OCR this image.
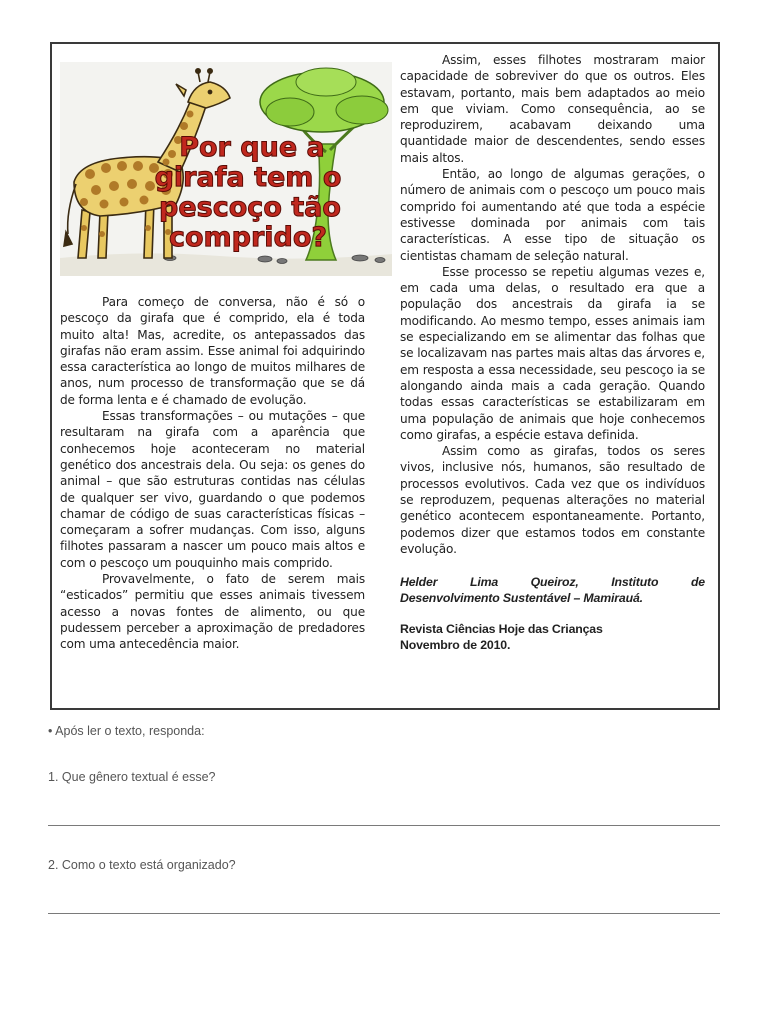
Por que a
girafa tem o
pescoço tão
comprido?

Para começo de conversa, não é só o pescoço da girafa que é comprido, ela é toda muito alta! Mas, acredite, os antepassados das girafas não eram assim. Esse animal foi adquirindo essa característica ao longo de muitos milhares de anos, num processo de transformação que se dá de forma lenta e é chamado de evolução.

Essas transformações – ou mutações – que resultaram na girafa com a aparência que conhecemos hoje aconteceram no material genético dos ancestrais dela. Ou seja: os genes do animal – que são estruturas contidas nas células de qualquer ser vivo, guardando o que podemos chamar de código de suas características físicas – começaram a sofrer mudanças. Com isso, alguns filhotes passaram a nascer um pouco mais altos e com o pescoço um pouquinho mais comprido.

Provavelmente, o fato de serem mais “esticados” permitiu que esses animais tivessem acesso a novas fontes de alimento, ou que pudessem perceber a aproximação de predadores com uma antecedência maior.

Assim, esses filhotes mostraram maior capacidade de sobreviver do que os outros. Eles estavam, portanto, mais bem adaptados ao meio em que viviam. Como consequência, ao se reproduzirem, acabavam deixando uma quantidade maior de descendentes, sendo esses mais altos.

Então, ao longo de algumas gerações, o número de animais com o pescoço um pouco mais comprido foi aumentando até que toda a espécie estivesse dominada por animais com tais características. A esse tipo de situação os cientistas chamam de seleção natural.

Esse processo se repetiu algumas vezes e, em cada uma delas, o resultado era que a população dos ancestrais da girafa ia se modificando. Ao mesmo tempo, esses animais iam se especializando em se alimentar das folhas que se localizavam nas partes mais altas das árvores e, em resposta a essa necessidade, seu pescoço ia se alongando ainda mais a cada geração. Quando todas essas características se estabilizaram em uma população de animais que hoje conhecemos como girafas, a espécie estava definida.

Assim como as girafas, todos os seres vivos, inclusive nós, humanos, são resultado de processos evolutivos. Cada vez que os indivíduos se reproduzem, pequenas alterações no material genético acontecem espontaneamente. Portanto, podemos dizer que estamos todos em constante evolução.

Helder Lima Queiroz, Instituto de
Desenvolvimento Sustentável – Mamirauá.
Revista Ciências Hoje das Crianças
Novembro de 2010.
• Após ler o texto, responda:
1. Que gênero textual é esse?
2. Como o texto está organizado?
